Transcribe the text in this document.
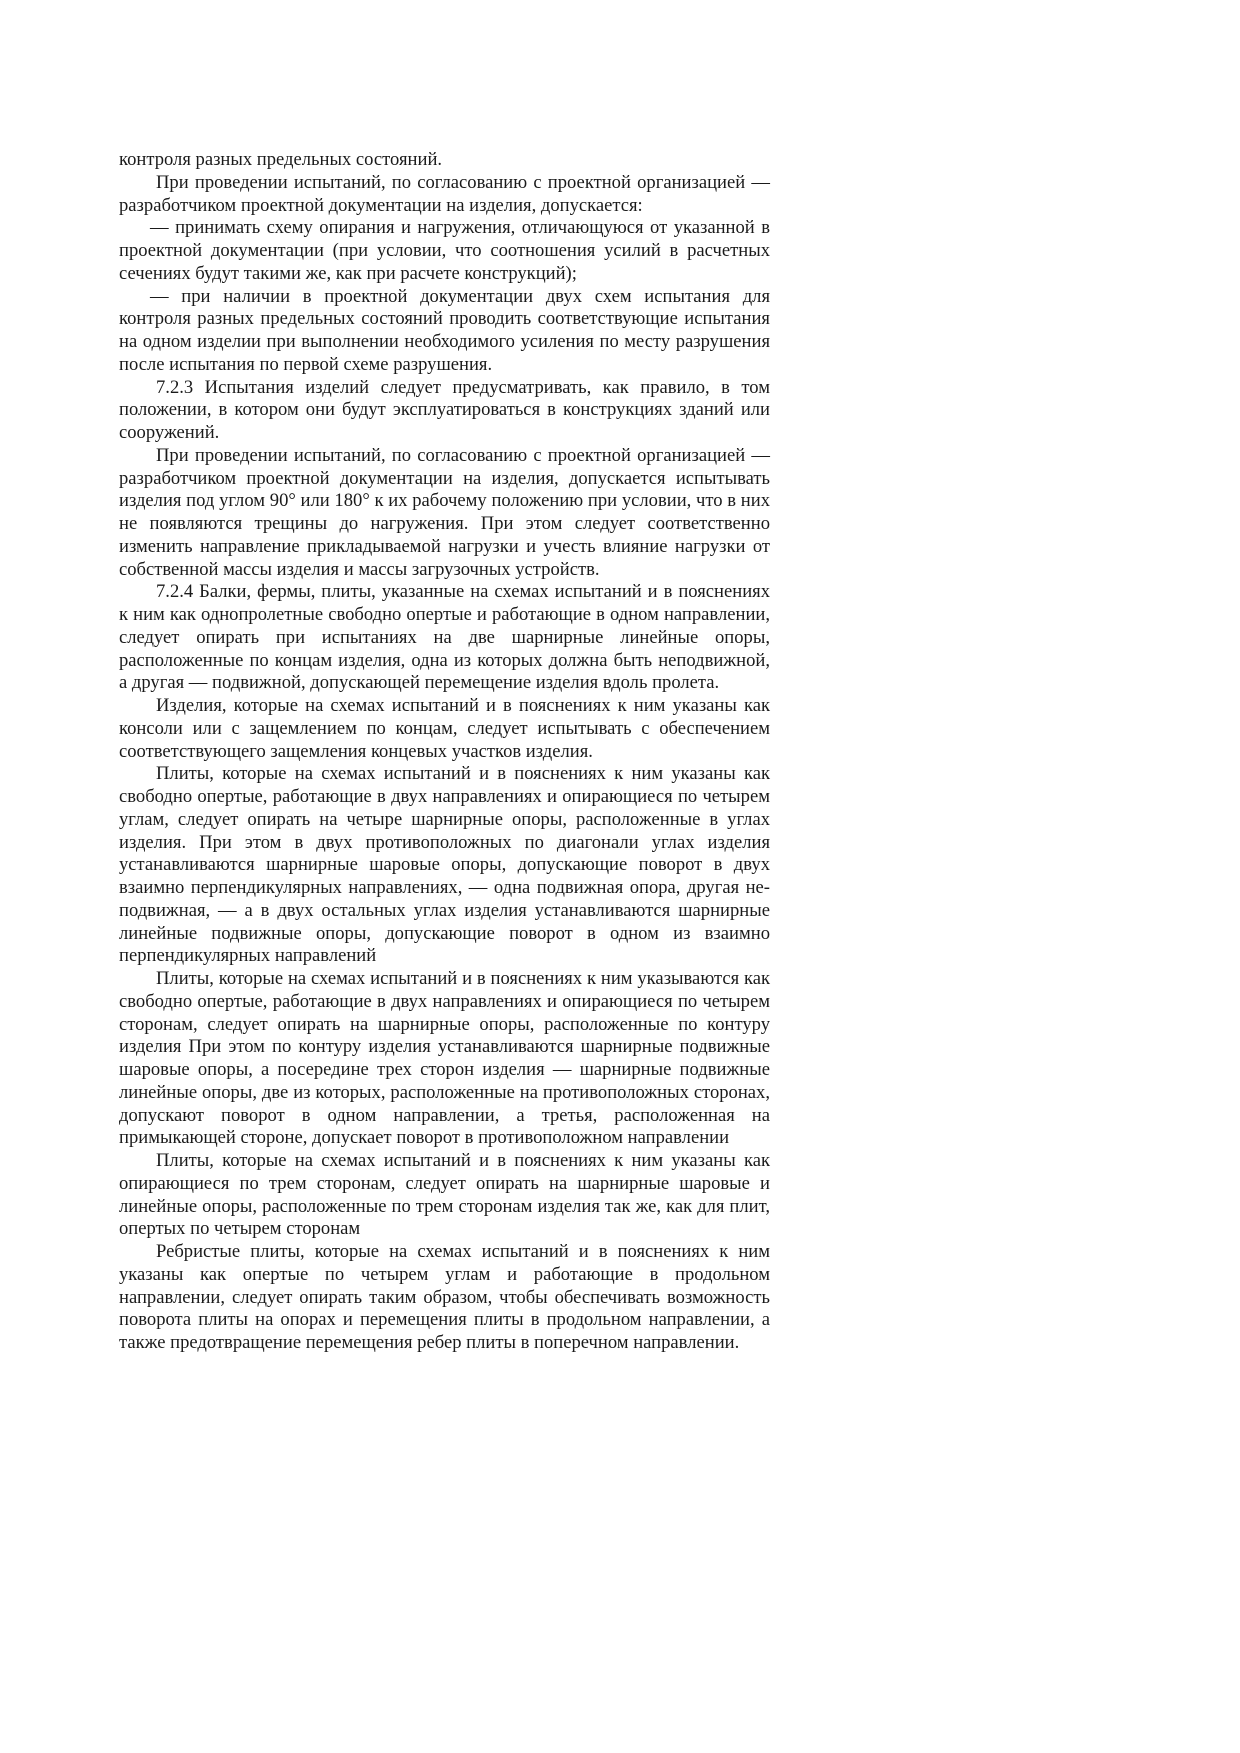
контроля разных предельных состояний.

При проведении испытаний, по согласованию с проектной организацией — разработчиком проектной документации на изделия, допускается:

— принимать схему опирания и нагружения, отличающуюся от указанной в проектной документации (при условии, что соотношения усилий в расчетных сечениях будут такими же, как при расчете конструкций);

— при наличии в проектной документации двух схем испытания для контроля разных предельных состояний проводить соответствующие испытания на одном изделии при выполнении необходимого усиления по месту разрушения после испытания по первой схеме разрушения.

7.2.3 Испытания изделий следует предусматривать, как правило, в том положении, в котором они будут эксплуатироваться в конструкциях зданий или сооружений.

При проведении испытаний, по согласованию с проектной организацией — разработчиком проектной документации на изделия, допускается испытывать изделия под углом 90° или 180° к их рабочему положению при условии, что в них не появляются трещины до нагружения. При этом следует соответственно изменить направление прикладываемой нагрузки и учесть влияние нагрузки от собственной массы изделия и массы загрузочных устройств.

7.2.4 Балки, фермы, плиты, указанные на схемах испытаний и в пояснениях к ним как однопролетные свободно опертые и работающие в одном направлении, следует опирать при испытаниях на две шарнирные линейные опоры, расположенные по концам изделия, одна из которых должна быть неподвижной, а другая — подвижной, допускающей перемещение изделия вдоль пролета.

Изделия, которые на схемах испытаний и в пояснениях к ним указаны как консоли или с защемлением по концам, следует испытывать с обеспечением соответствующего защемления концевых участков изделия.

Плиты, которые на схемах испытаний и в пояснениях к ним указаны как свободно опертые, работающие в двух направлениях и опирающиеся по четырем углам, следует опирать на четыре шарнирные опоры, расположенные в углах изделия. При этом в двух противоположных по диагонали углах изделия устанавливаются шарнирные шаровые опоры, допускающие поворот в двух взаимно перпендикулярных направлениях, — одна подвижная опора, другая неподвижная, — а в двух остальных углах изделия устанавливаются шарнирные линейные подвижные опоры, допускающие поворот в одном из взаимно перпендикулярных направлений

Плиты, которые на схемах испытаний и в пояснениях к ним указываются как свободно опертые, работающие в двух направлениях и опирающиеся по четырем сторонам, следует опирать на шарнирные опоры, расположенные по контуру изделия При этом по контуру изделия устанавливаются шарнирные подвижные шаровые опоры, а посередине трех сторон изделия — шарнирные подвижные линейные опоры, две из которых, расположенные на противоположных сторонах, допускают поворот в одном направлении, а третья, расположенная на примыкающей стороне, допускает поворот в противоположном направлении

Плиты, которые на схемах испытаний и в пояснениях к ним указаны как опирающиеся по трем сторонам, следует опирать на шарнирные шаровые и линейные опоры, расположенные по трем сторонам изделия так же, как для плит, опертых по четырем сторонам

Ребристые плиты, которые на схемах испытаний и в пояснениях к ним указаны как опертые по четырем углам и работающие в продольном направлении, следует опирать таким образом, чтобы обеспечивать возможность поворота плиты на опорах и перемещения плиты в продольном направлении, а также предотвращение перемещения ребер плиты в поперечном направлении.
